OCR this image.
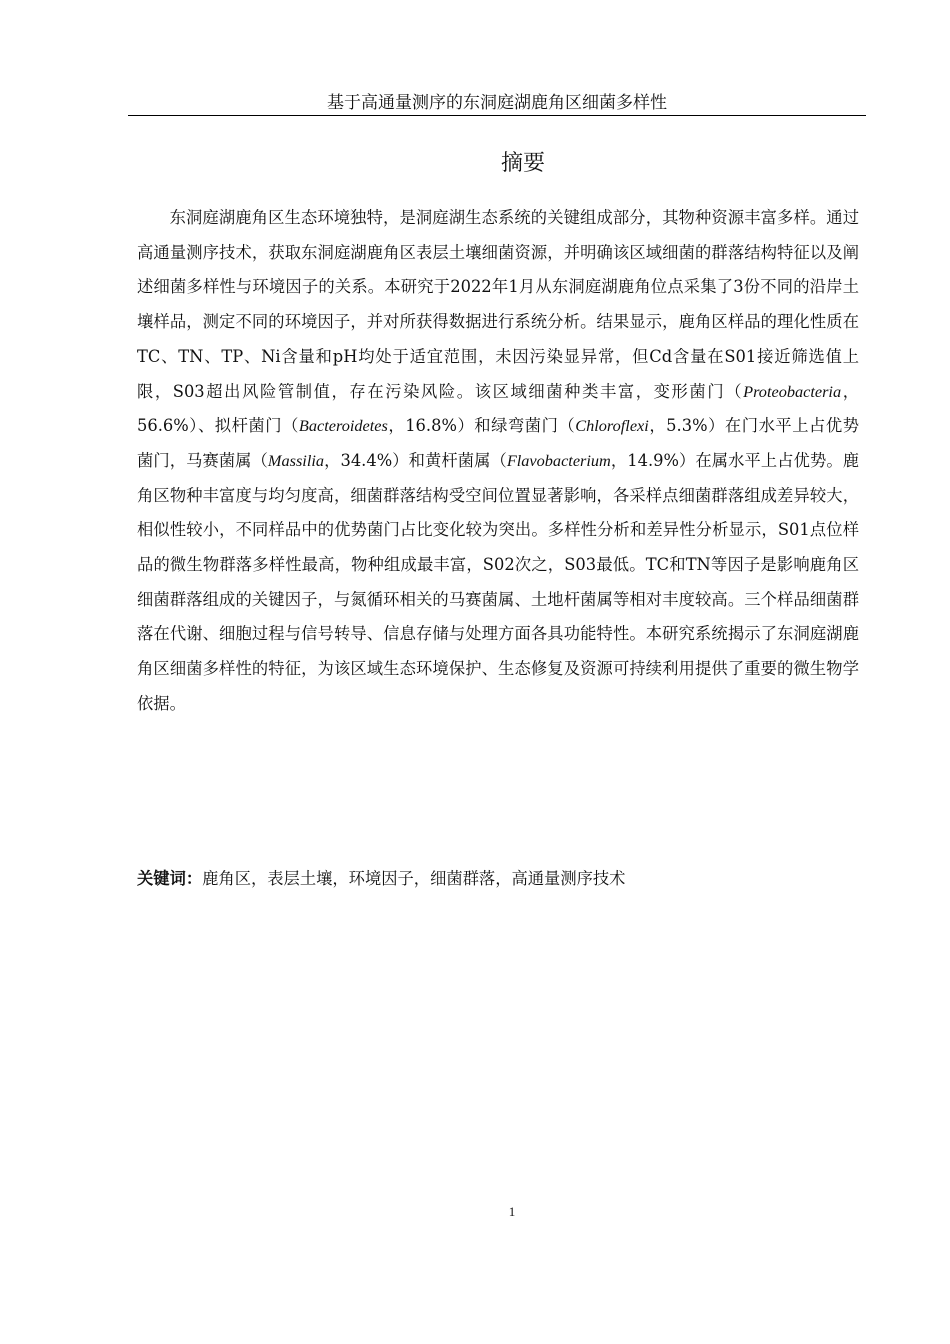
基于高通量测序的东洞庭湖鹿角区细菌多样性
摘要

东洞庭湖鹿角区生态环境独特，是洞庭湖生态系统的关键组成部分，其物种资源丰富多样。通过高通量测序技术，获取东洞庭湖鹿角区表层土壤细菌资源，并明确该区域细菌的群落结构特征以及阐述细菌多样性与环境因子的关系。本研究于2022年1月从东洞庭湖鹿角位点采集了3份不同的沿岸土壤样品，测定不同的环境因子，并对所获得数据进行系统分析。结果显示，鹿角区样品的理化性质在TC、TN、TP、Ni含量和pH均处于适宜范围，未因污染显异常，但Cd含量在S01接近筛选值上限，S03超出风险管制值，存在污染风险。该区域细菌种类丰富，变形菌门（Proteobacteria，56.6%）、拟杆菌门（Bacteroidetes，16.8%）和绿弯菌门（Chloroflexi，5.3%）在门水平上占优势菌门，马赛菌属（Massilia，34.4%）和黄杆菌属（Flavobacterium，14.9%）在属水平上占优势。鹿角区物种丰富度与均匀度高，细菌群落结构受空间位置显著影响，各采样点细菌群落组成差异较大，相似性较小，不同样品中的优势菌门占比变化较为突出。多样性分析和差异性分析显示，S01点位样品的微生物群落多样性最高，物种组成最丰富，S02次之，S03最低。TC和TN等因子是影响鹿角区细菌群落组成的关键因子，与氮循环相关的马赛菌属、土地杆菌属等相对丰度较高。三个样品细菌群落在代谢、细胞过程与信号转导、信息存储与处理方面各具功能特性。本研究系统揭示了东洞庭湖鹿角区细菌多样性的特征，为该区域生态环境保护、生态修复及资源可持续利用提供了重要的微生物学依据。

关键词：鹿角区，表层土壤，环境因子，细菌群落，高通量测序技术
1
